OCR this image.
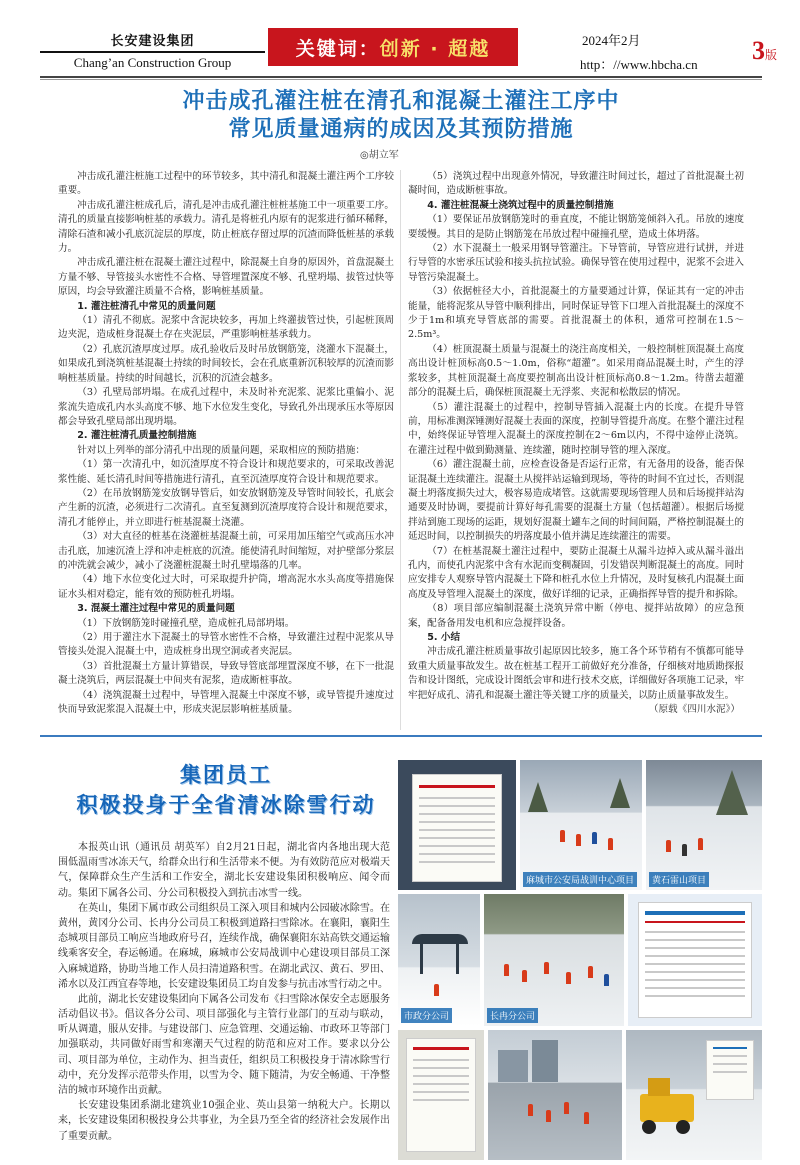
长安建设集团
Chang’an Construction Group
关键词： 创新 · 超越	2024年2月
http：//www.hbcha.cn	3版
冲击成孔灌注桩在清孔和混凝土灌注工序中
常见质量通病的成因及其预防措施
◎胡立军

冲击成孔灌注桩施工过程中的环节较多，其中清孔和混凝土灌注两个工序较重要。

冲击成孔灌注桩成孔后，清孔是冲击成孔灌注桩桩基施工中一项重要工序。清孔的质量直接影响桩基的承载力。清孔是将桩孔内原有的泥浆进行循环稀释，清除石渣和减小孔底沉淀层的厚度，防止桩底存留过厚的沉渣而降低桩基的承载力。

冲击成孔灌注桩在混凝土灌注过程中，除混凝土自身的原因外，首盘混凝土方量不够、导管接头水密性不合格、导管埋置深度不够、孔壁坍塌、拔管过快等原因，均会导致灌注质量不合格，影响桩基质量。

1. 灌注桩清孔中常见的质量问题

（1）清孔不彻底。泥浆中含泥块较多，再加上终灌拔管过快，引起桩顶周边夹泥，造成桩身混凝土存在夹泥层，严重影响桩基承载力。

（2）孔底沉渣厚度过厚。成孔验收后及时吊放钢筋笼，浇灌水下混凝土，如果成孔到浇筑桩基混凝土持续的时间较长，会在孔底重新沉积较厚的沉渣而影响桩基质量。持续的时间越长，沉积的沉渣会越多。

（3）孔壁局部坍塌。在成孔过程中，未及时补充泥浆、泥浆比重偏小、泥浆流失造成孔内水头高度不够、地下水位发生变化，导致孔外出现承压水等原因都会导致孔壁局部出现坍塌。

2. 灌注桩清孔质量控制措施

针对以上列举的部分清孔中出现的质量问题，采取相应的预防措施：

（1）第一次清孔中，如沉渣厚度不符合设计和规范要求的，可采取改善泥浆性能、延长清孔时间等措施进行清孔，直至沉渣厚度符合设计和规范要求。

（2）在吊放钢筋笼安放钢导管后，如安放钢筋笼及导管时间较长，孔底会产生新的沉渣，必须进行二次清孔。直至复测到沉渣厚度符合设计和规范要求，清孔才能停止，并立即进行桩基混凝土浇灌。

（3）对大直径的桩基在浇灌桩基混凝土前，可采用加压缩空气或高压水冲击孔底，加速沉渣上浮和冲走桩底的沉渣。能使清孔时间缩短，对护壁部分浆层的冲洗就会减少，减小了浇灌桩混凝土时孔壁塌落的几率。

（4）地下水位变化过大时，可采取提升护筒，增高泥水水头高度等措施保证水头相对稳定，能有效的预防桩孔坍塌。

3. 混凝土灌注过程中常见的质量问题

（1）下放钢筋笼时碰撞孔壁，造成桩孔局部坍塌。

（2）用于灌注水下混凝土的导管水密性不合格，导致灌注过程中泥浆从导管接头处混入混凝土中，造成桩身出现空洞或者夹泥层。

（3）首批混凝土方量计算错误，导致导管底部埋置深度不够，在下一批混凝土浇筑后，两层混凝土中间夹有泥浆，造成断桩事故。

（4）浇筑混凝土过程中，导管埋入混凝土中深度不够，或导管提升速度过快而导致泥浆混入混凝土中，形成夹泥层影响桩基质量。

（5）浇筑过程中出现意外情况，导致灌注时间过长，超过了首批混凝土初凝时间，造成断桩事故。

4. 灌注桩混凝土浇筑过程中的质量控制措施

（1）要保证吊放钢筋笼时的垂直度，不能让钢筋笼倾斜入孔。吊放的速度要缓慢。其目的是防止钢筋笼在吊放过程中碰撞孔壁，造成土体坍落。

（2）水下混凝土一般采用钢导管灌注。下导管前，导管应进行试拼，并进行导管的水密承压试验和接头抗拉试验。确保导管在使用过程中，泥浆不会进入导管污染混凝土。

（3）依据桩径大小，首批混凝土的方量要通过计算，保证其有一定的冲击能量，能将泥浆从导管中顺利排出，同时保证导管下口埋入首批混凝土的深度不少于1m和填充导管底部的需要。首批混凝土的体积，通常可控制在1.5～2.5m³。

（4）桩顶混凝土质量与混凝土的浇注高度相关，一般控制桩顶混凝土高度高出设计桩顶标高0.5～1.0m，俗称“超灌”。如采用商品混凝土时，产生的浮浆较多，其桩顶混凝土高度要控制高出设计桩顶标高0.8～1.2m。待凿去超灌部分的混凝土后，确保桩顶混凝土无浮浆、夹泥和松散层的情况。

（5）灌注混凝土的过程中，控制导管插入混凝土内的长度。在提升导管前，用标准测深锤测好混凝土表面的深度，控制导管提升高度。在整个灌注过程中，始终保证导管埋入混凝土的深度控制在2～6m以内，不得中途停止浇筑。在灌注过程中做到勤测量、连续灌，随时控制导管的埋入深度。

（6）灌注混凝土前，应检查设备是否运行正常，有无备用的设备，能否保证混凝土连续灌注。混凝土从搅拌站运输到现场，等待的时间不宜过长，否则混凝土坍落度损失过大，极容易造成堵管。这就需要现场管理人员和后场搅拌站沟通要及时协调，要提前计算好每孔需要的混凝土方量（包括超灌）。根据后场搅拌站到施工现场的运距，规划好混凝土罐车之间的时间间隔，严格控制混凝土的延迟时间，以控制损失的坍落度最小值并满足连续灌注的需要。

（7）在桩基混凝土灌注过程中，要防止混凝土从漏斗边掉入或从漏斗溢出孔内，而使孔内泥浆中含有水泥而变稠凝固，引发错误判断混凝土的高度。同时应安排专人观察导管内混凝土下降和桩孔水位上升情况，及时复核孔内混凝土面高度及导管埋入混凝土的深度，做好详细的记录，正确指挥导管的提升和拆除。

（8）项目部应编制混凝土浇筑异常中断（停电、搅拌站故障）的应急预案，配备备用发电机和应急搅拌设备。

5. 小结

冲击成孔灌注桩质量事故引起原因比较多，施工各个环节稍有不慎都可能导致重大质量事故发生。故在桩基工程开工前做好充分准备，仔细核对地质勘探报告和设计图纸，完成设计图纸会审和进行技术交底，详细做好各项施工记录，牢牢把好成孔、清孔和混凝土灌注等关键工序的质量关，以防止质量事故发生。

（原载《四川水泥》）

集团员工
积极投身于全省清冰除雪行动

本报英山讯（通讯员 胡英军）自2月21日起，湖北省内各地出现大范围低温雨雪冰冻天气，给群众出行和生活带来不便。为有效防范应对极端天气，保障群众生产生活和工作安全，湖北长安建设集团积极响应、闻令而动。集团下属各公司、分公司积极投入到抗击冰雪一线。

在英山，集团下属市政公司组织员工深入项目和城内公园破冰除雪。在黄州，黄冈分公司、长冉分公司员工积极到道路扫雪除冰。在襄阳，襄阳生态城项目部员工响应当地政府号召，连续作战，确保襄阳东站高铁交通运输线乘客安全，春运畅通。在麻城，麻城市公安局战训中心建设项目部员工深入麻城道路，协助当地工作人员扫清道路积雪。在湖北武汉、黄石、罗田、浠水以及江西宜春等地，长安建设集团员工均自发参与抗击冰雪行动之中。

此前，湖北长安建设集团向下属各公司发布《扫雪除冰保安全志愿服务活动倡议书》。倡议各分公司、项目部强化与主管行业部门的互动与联动，听从调遣，服从安排。与建设部门、应急管理、交通运输、市政环卫等部门加强联动，共同做好雨雪和寒潮天气过程的防范和应对工作。要求以分公司、项目部为单位，主动作为、担当责任，组织员工积极投身于清冰除雪行动中，充分发挥示范带头作用，以雪为令、随下随清，为安全畅通、干净整洁的城市环境作出贡献。

长安建设集团系湖北建筑业10强企业、英山县第一纳税大户。长期以来，长安建设集团积极投身公共事业，为全县乃至全省的经济社会发展作出了重要贡献。

麻城市公安局战训中心项目	黄石雷山项目
市政分公司	长冉分公司
